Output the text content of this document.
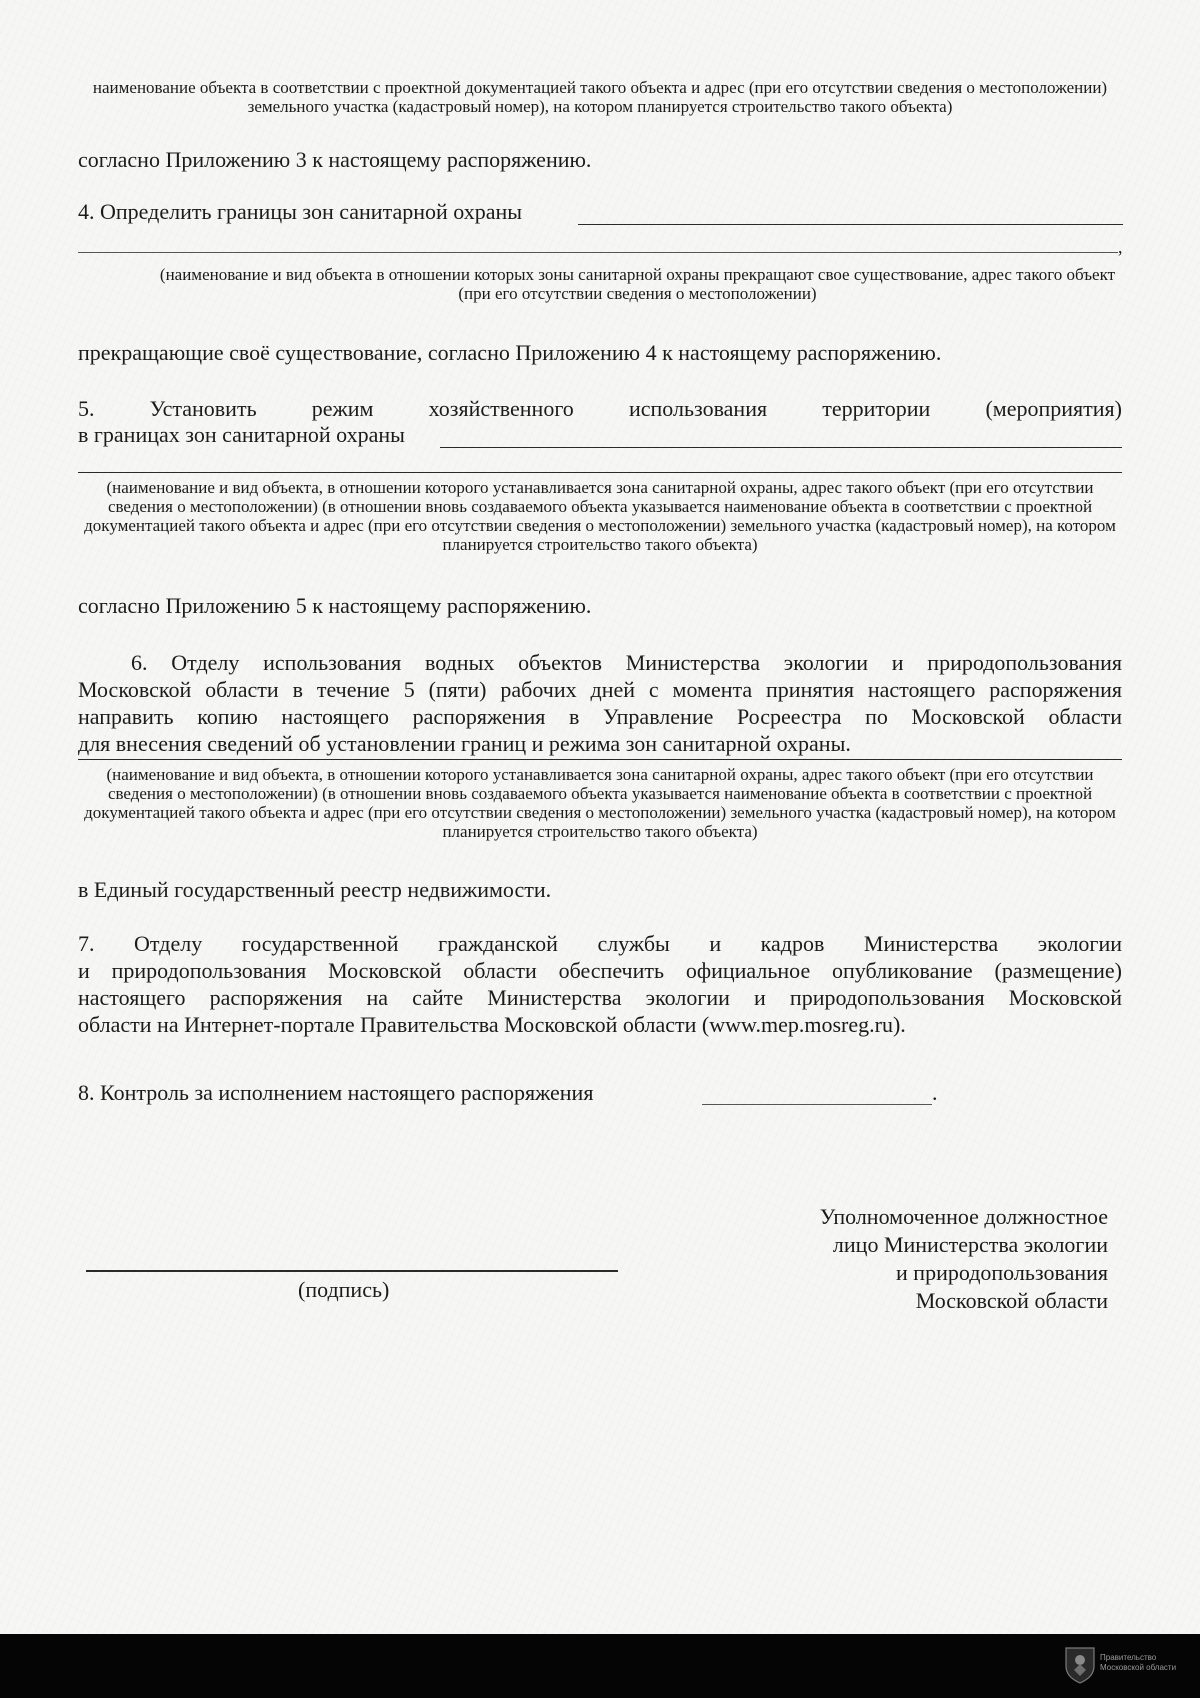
наименование объекта в соответствии с проектной документацией такого объекта и адрес (при его отсутствии сведения о местоположении) земельного участка (кадастровый номер), на котором планируется строительство такого объекта)
согласно Приложению 3 к настоящему распоряжению.
4. Определить границы зон санитарной охраны
,
(наименование и вид объекта в отношении которых зоны санитарной охраны прекращают свое существование, адрес такого объект (при его отсутствии сведения о местоположении)
прекращающие своё существование, согласно Приложению 4 к настоящему распоряжению.
5. Установить режим хозяйственного использования территории (мероприятия)
в границах зон санитарной охраны
(наименование и вид объекта, в отношении которого устанавливается зона санитарной охраны, адрес такого объект (при его отсутствии сведения о местоположении) (в отношении вновь создаваемого объекта указывается наименование объекта в соответствии с проектной документацией такого объекта и адрес (при его отсутствии сведения о местоположении) земельного участка (кадастровый номер), на котором планируется строительство такого объекта)
согласно Приложению 5 к настоящему распоряжению.
6. Отделу использования водных объектов Министерства экологии и природопользования
Московской области в течение 5 (пяти) рабочих дней с момента принятия настоящего распоряжения
направить копию настоящего распоряжения в Управление Росреестра по Московской области
для внесения сведений об установлении границ и режима зон санитарной охраны.
(наименование и вид объекта, в отношении которого устанавливается зона санитарной охраны, адрес такого объект (при его отсутствии сведения о местоположении) (в отношении вновь создаваемого объекта указывается наименование объекта в соответствии с проектной документацией такого объекта и адрес (при его отсутствии сведения о местоположении) земельного участка (кадастровый номер), на котором планируется строительство такого объекта)
в Единый государственный реестр недвижимости.
7. Отделу государственной гражданской службы и кадров Министерства экологии
и природопользования Московской области обеспечить официальное опубликование (размещение)
настоящего распоряжения на сайте Министерства экологии и природопользования Московской
области на Интернет-портале Правительства Московской области (www.mep.mosreg.ru).
8. Контроль за исполнением настоящего распоряжения	.
(подпись)
Уполномоченное должностное
лицо Министерства экологии
и природопользования
Московской области
Правительство
Московской области
